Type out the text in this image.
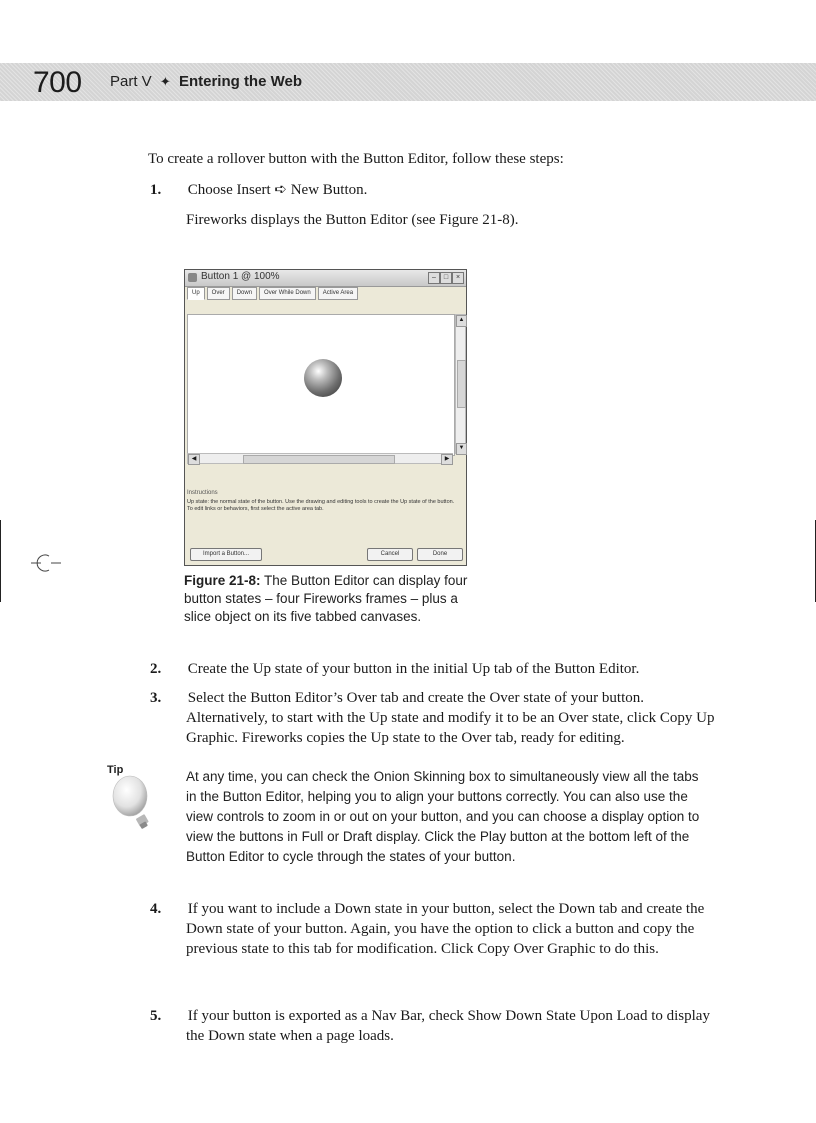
700 Part V ✦ Entering the Web
To create a rollover button with the Button Editor, follow these steps:
1. Choose Insert ➪ New Button.
Fireworks displays the Button Editor (see Figure 21-8).
Button 1 @ 100%	–	□	×
Up	Over	Down	Over While Down	Active Area
▲
▼
◀	▶
Instructions
Up state: the normal state of the button. Use the drawing and editing tools to create the Up state of the button. To edit links or behaviors, first select the active area tab.
Import a Button...	Cancel	Done
Figure 21-8: The Button Editor can display four button states – four Fireworks frames – plus a slice object on its five tabbed canvases.
2. Create the Up state of your button in the initial Up tab of the Button Editor.
3. Select the Button Editor’s Over tab and create the Over state of your button. Alternatively, to start with the Up state and modify it to be an Over state, click Copy Up Graphic. Fireworks copies the Up state to the Over tab, ready for editing.
Tip	At any time, you can check the Onion Skinning box to simultaneously view all the tabs in the Button Editor, helping you to align your buttons correctly. You can also use the view controls to zoom in or out on your button, and you can choose a display option to view the buttons in Full or Draft display. Click the Play button at the bottom left of the Button Editor to cycle through the states of your button.
4. If you want to include a Down state in your button, select the Down tab and create the Down state of your button. Again, you have the option to click a button and copy the previous state to this tab for modification. Click Copy Over Graphic to do this.
5. If your button is exported as a Nav Bar, check Show Down State Upon Load to display the Down state when a page loads.
